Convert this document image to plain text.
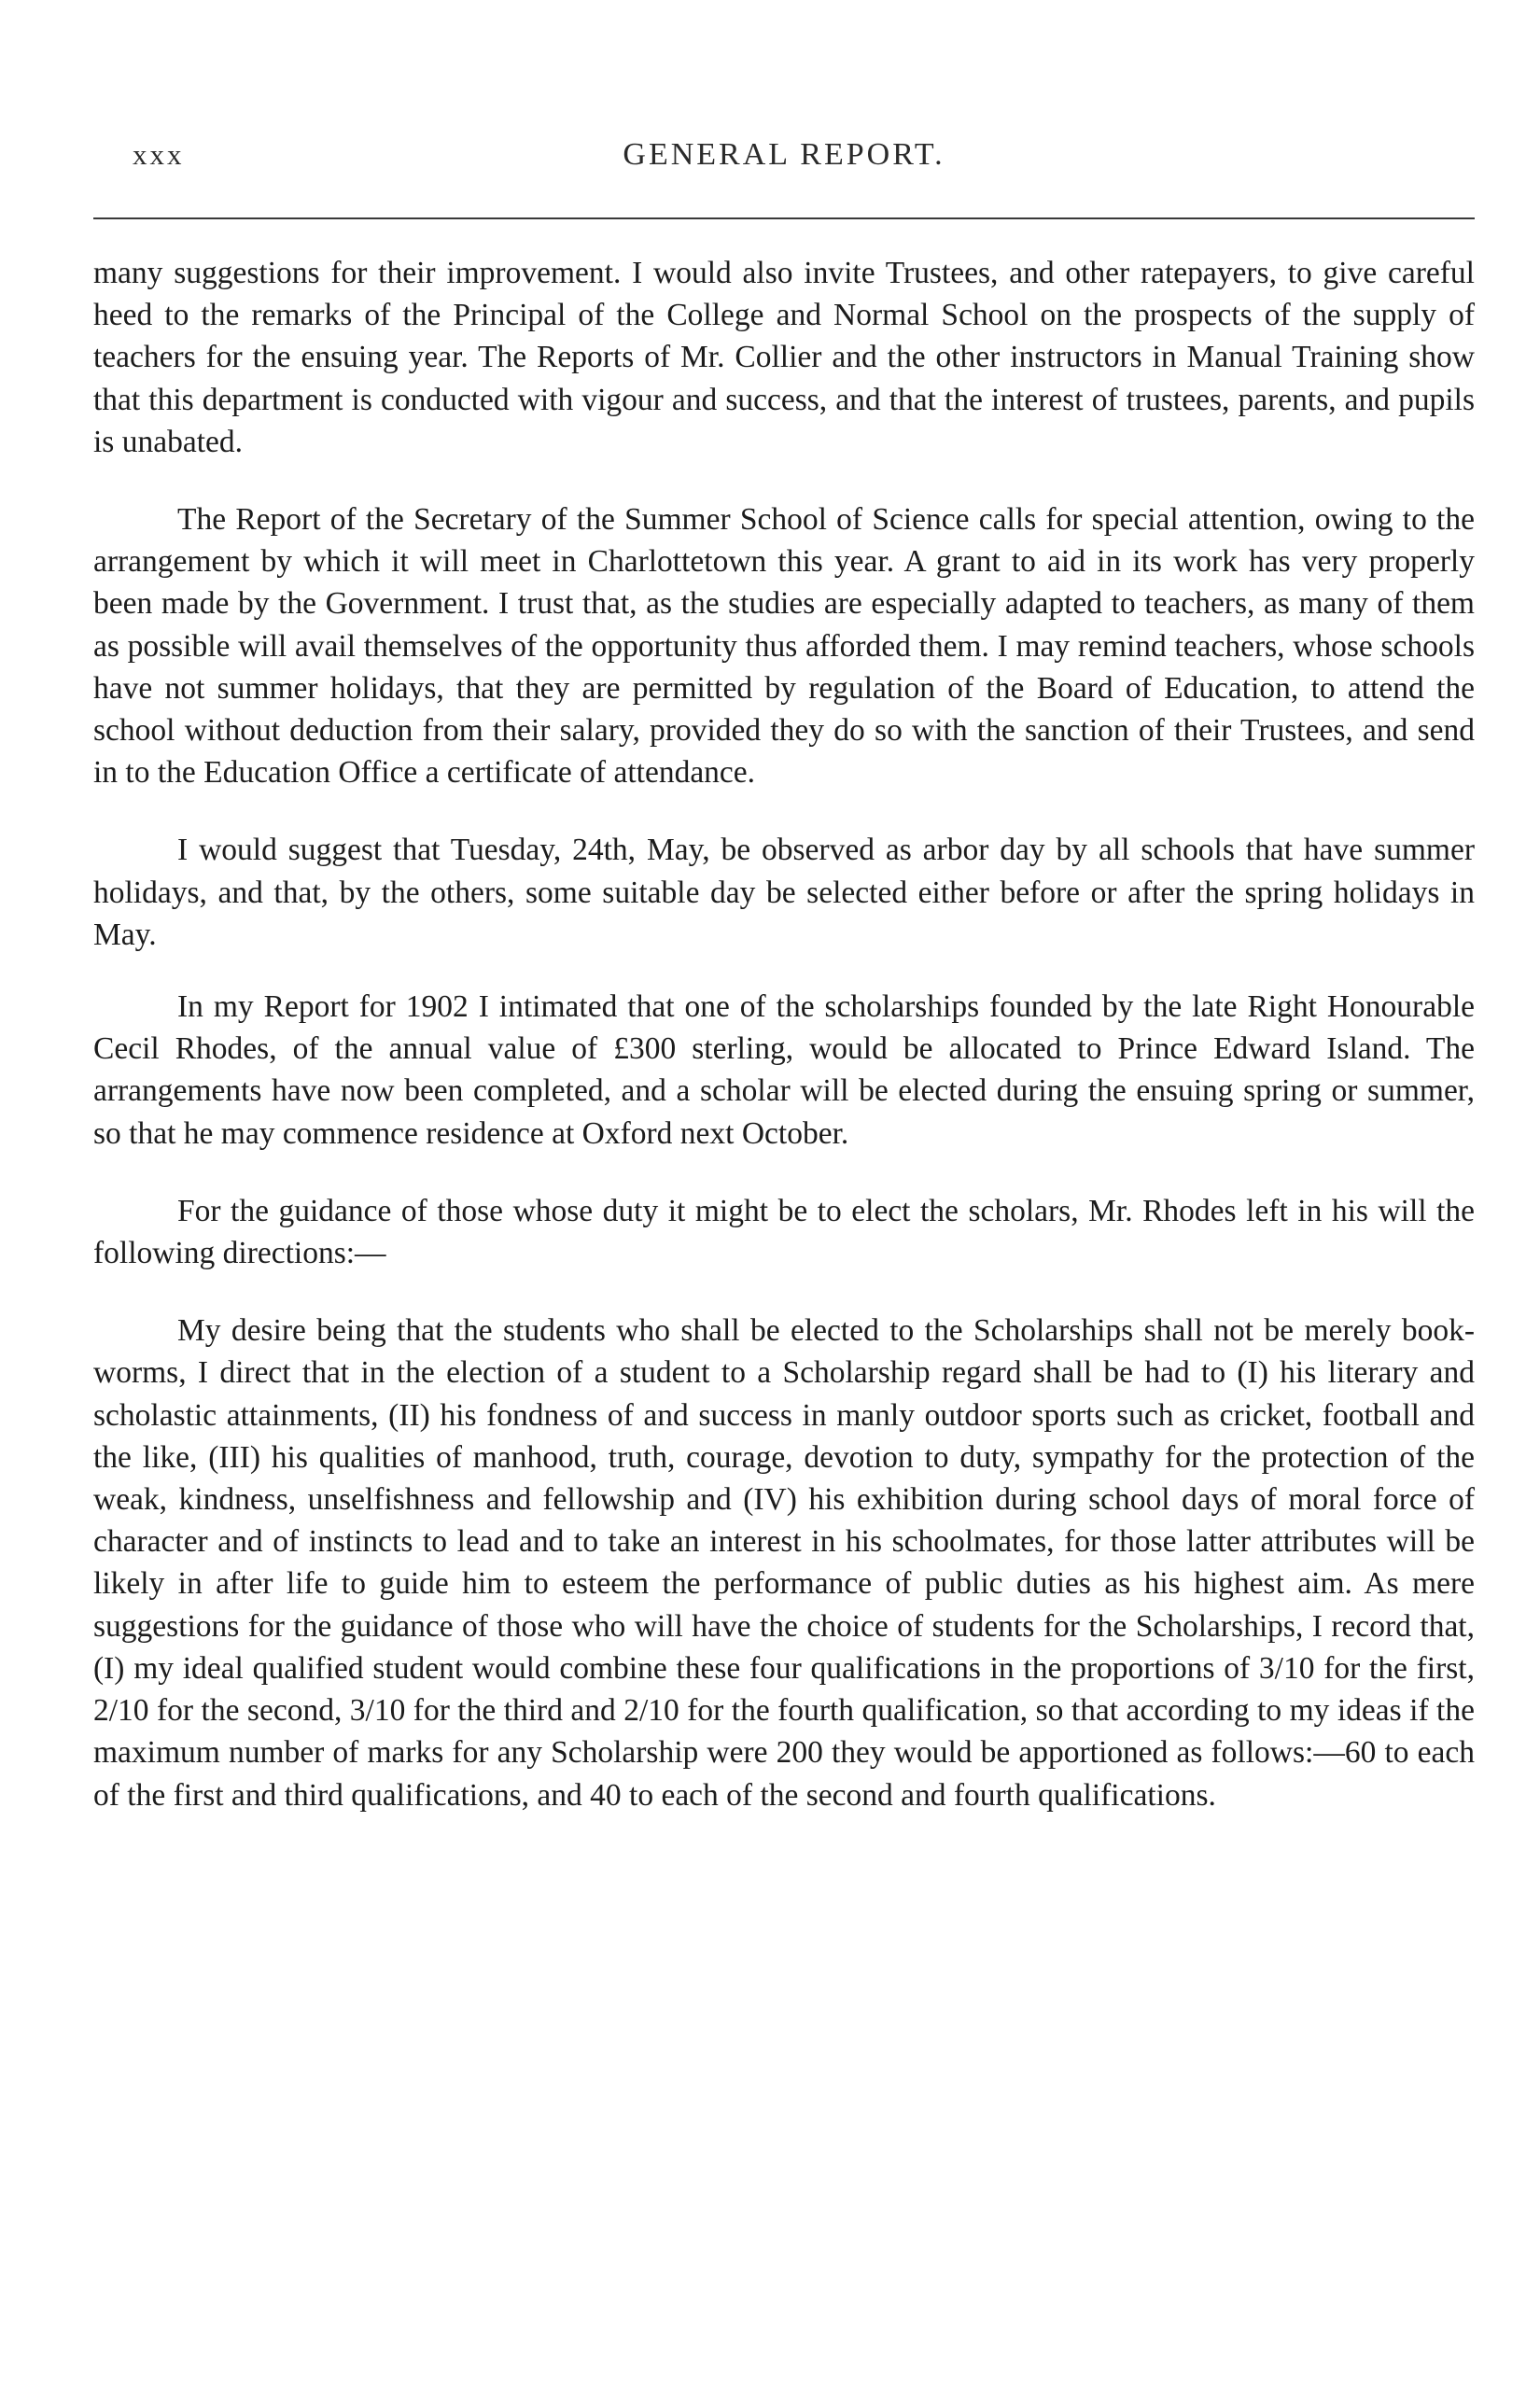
xxx	GENERAL REPORT.

many suggestions for their improvement. I would also invite Trustees, and other ratepayers, to give careful heed to the remarks of the Principal of the College and Normal School on the prospects of the supply of teachers for the ensuing year. The Reports of Mr. Collier and the other instructors in Manual Training show that this department is conducted with vigour and success, and that the interest of trustees, parents, and pupils is unabated.

The Report of the Secretary of the Summer School of Science calls for special attention, owing to the arrangement by which it will meet in Charlottetown this year. A grant to aid in its work has very properly been made by the Government. I trust that, as the studies are especially adapted to teachers, as many of them as possible will avail themselves of the opportunity thus afforded them. I may remind teachers, whose schools have not summer holidays, that they are permitted by regulation of the Board of Education, to attend the school without deduction from their salary, provided they do so with the sanction of their Trustees, and send in to the Education Office a certificate of attendance.

I would suggest that Tuesday, 24th, May, be observed as arbor day by all schools that have summer holidays, and that, by the others, some suitable day be selected either before or after the spring holidays in May.

In my Report for 1902 I intimated that one of the scholarships founded by the late Right Honourable Cecil Rhodes, of the annual value of £300 sterling, would be allocated to Prince Edward Island. The arrangements have now been completed, and a scholar will be elected during the ensuing spring or summer, so that he may commence residence at Oxford next October.

For the guidance of those whose duty it might be to elect the scholars, Mr. Rhodes left in his will the following directions:—

My desire being that the students who shall be elected to the Scholarships shall not be merely book-worms, I direct that in the election of a student to a Scholarship regard shall be had to (I) his literary and scholastic attainments, (II) his fondness of and success in manly outdoor sports such as cricket, football and the like, (III) his qualities of manhood, truth, courage, devotion to duty, sympathy for the protection of the weak, kindness, unselfishness and fellowship and (IV) his exhibition during school days of moral force of character and of instincts to lead and to take an interest in his schoolmates, for those latter attributes will be likely in after life to guide him to esteem the performance of public duties as his highest aim. As mere suggestions for the guidance of those who will have the choice of students for the Scholarships, I record that, (I) my ideal qualified student would combine these four qualifications in the proportions of 3/10 for the first, 2/10 for the second, 3/10 for the third and 2/10 for the fourth qualification, so that according to my ideas if the maximum number of marks for any Scholarship were 200 they would be apportioned as follows:—60 to each of the first and third qualifications, and 40 to each of the second and fourth qualifications.
